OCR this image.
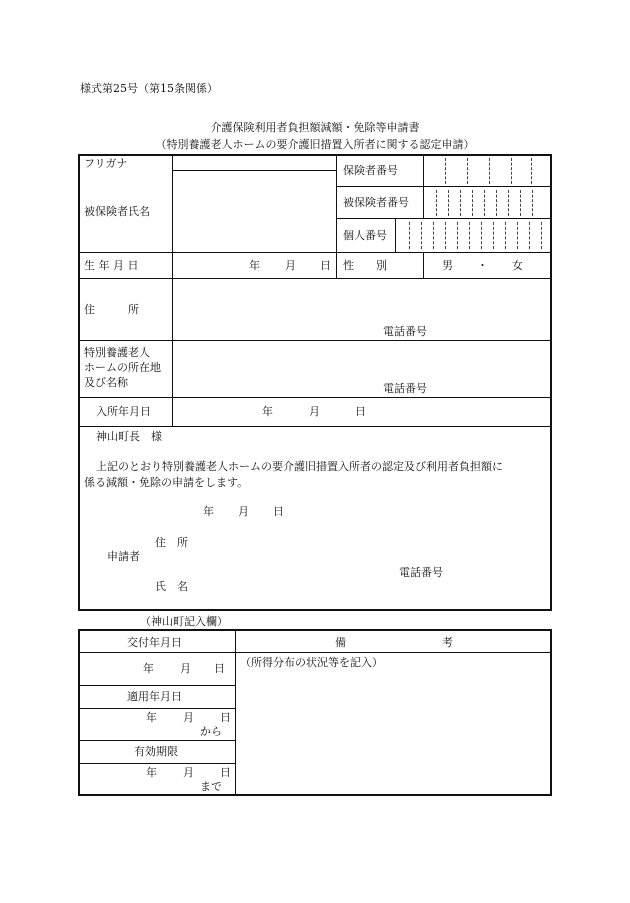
様式第25号（第15条関係）
介護保険利用者負担額減額・免除等申請書
（特別養護老人ホームの要介護旧措置入所者に関する認定申請）
フリガナ
被保険者氏名
保険者番号
被保険者番号
個人番号
生 年 月 日	年 月 日 性　　別	男 ・ 女
住　　　所
電話番号
特別養護老人
ホームの所在地
及び名称	電話番号
入所年月日	年	月	日
神山町長　様
上記のとおり特別養護老人ホームの要介護旧措置入所者の認定及び利用者負担額に
係る減額・免除の申請をします。
年 月 日
住　所
申請者
電話番号
氏　名
（神山町記入欄）
交付年月日	備	考
（所得分布の状況等を記入）
年 月 日
適用年月日
年 月 日
から
有効期限
年 月 日
まで
